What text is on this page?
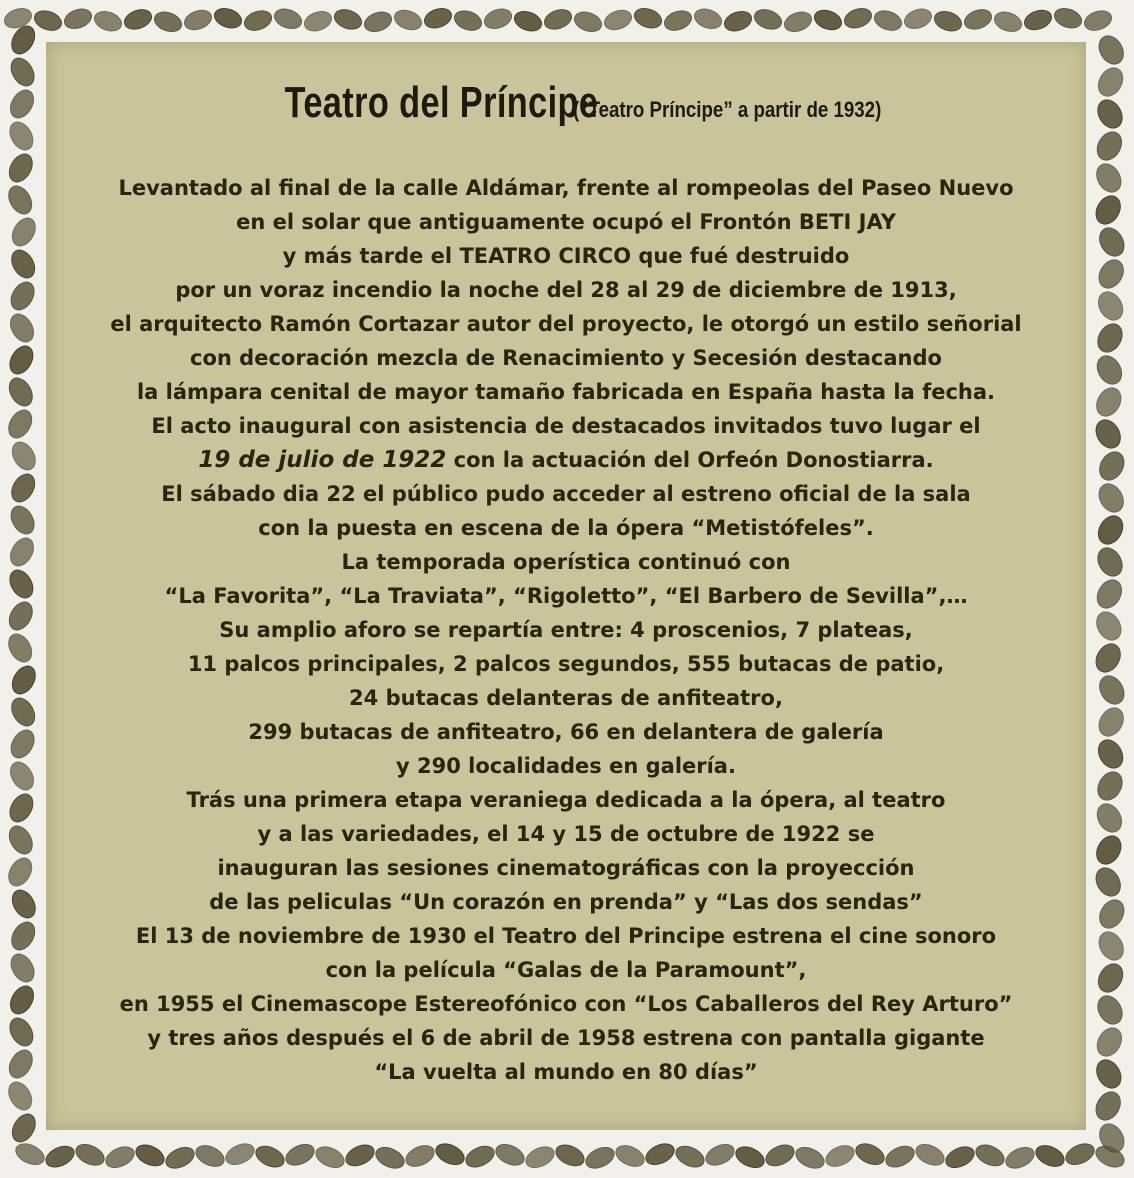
Teatro del Príncipe (”Teatro Príncipe” a partir de 1932)
Levantado al final de la calle Aldámar, frente al rompeolas del Paseo Nuevo
en el solar que antiguamente ocupó el Frontón BETI JAY
y más tarde el TEATRO CIRCO que fué destruido
por un voraz incendio la noche del 28 al 29 de diciembre de 1913,
el arquitecto Ramón Cortazar autor del proyecto, le otorgó un estilo señorial
con decoración mezcla de Renacimiento y Secesión destacando
la lámpara cenital de mayor tamaño fabricada en España hasta la fecha.
El acto inaugural con asistencia de destacados invitados tuvo lugar el
19 de julio de 1922 con la actuación del Orfeón Donostiarra.
El sábado dia 22 el público pudo acceder al estreno oficial de la sala
con la puesta en escena de la ópera “Metistófeles”.
La temporada operística continuó con
“La Favorita”, “La Traviata”, “Rigoletto”, “El Barbero de Sevilla”,…
Su amplio aforo se repartía entre: 4 proscenios, 7 plateas,
11 palcos principales, 2 palcos segundos, 555 butacas de patio,
24 butacas delanteras de anfiteatro,
299 butacas de anfiteatro, 66 en delantera de galería
y 290 localidades en galería.
Trás una primera etapa veraniega dedicada a la ópera, al teatro
y a las variedades, el 14 y 15 de octubre de 1922 se
inauguran las sesiones cinematográficas con la proyección
de las peliculas “Un corazón en prenda” y “Las dos sendas”
El 13 de noviembre de 1930 el Teatro del Principe estrena el cine sonoro
con la película “Galas de la Paramount”,
en 1955 el Cinemascope Estereofónico con “Los Caballeros del Rey Arturo”
y tres años después el 6 de abril de 1958 estrena con pantalla gigante
“La vuelta al mundo en 80 días”
